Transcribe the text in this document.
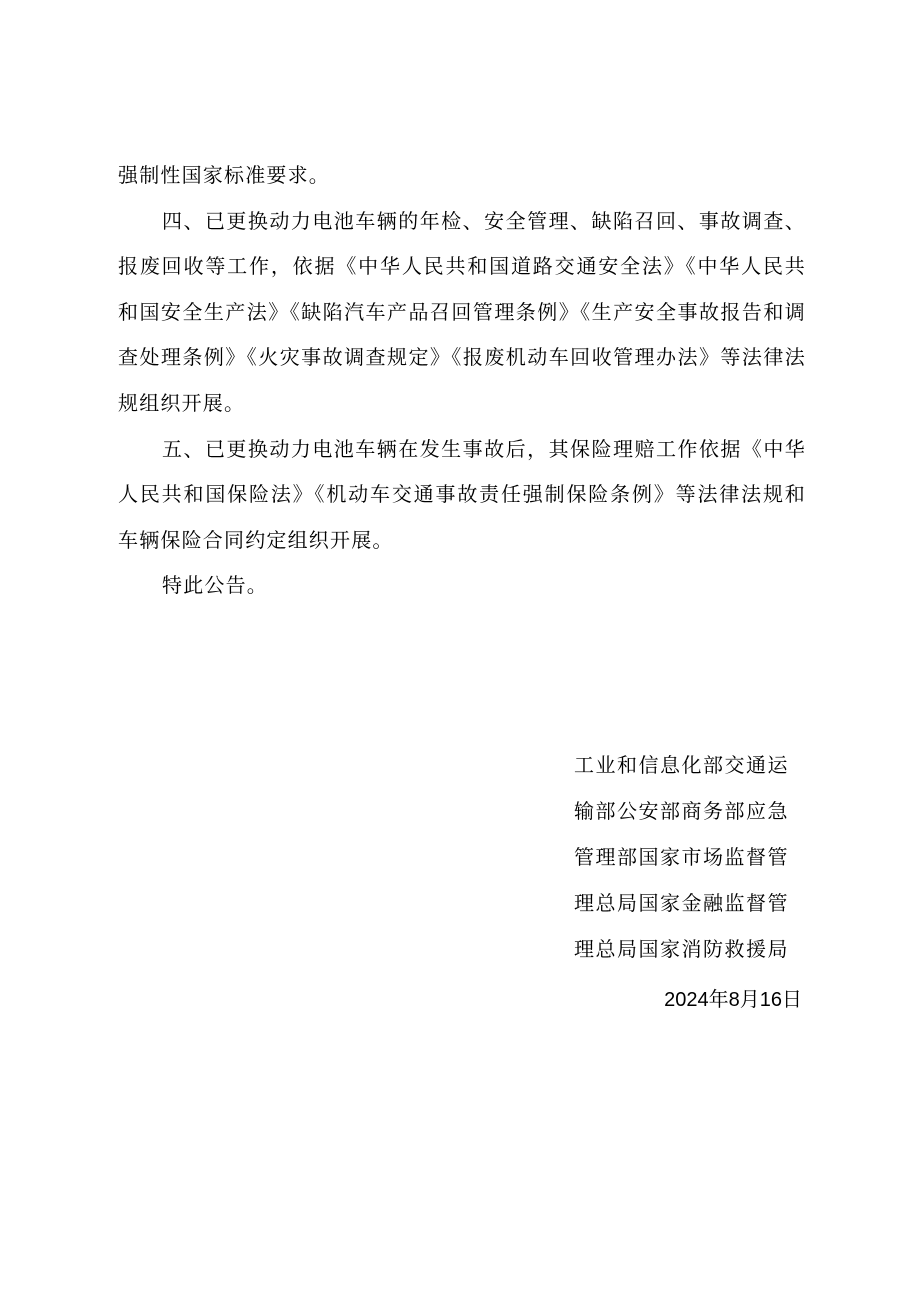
强制性国家标准要求。

四、已更换动力电池车辆的年检、安全管理、缺陷召回、事故调查、报废回收等工作，依据《中华人民共和国道路交通安全法》《中华人民共和国安全生产法》《缺陷汽车产品召回管理条例》《生产安全事故报告和调查处理条例》《火灾事故调查规定》《报废机动车回收管理办法》等法律法规组织开展。

五、已更换动力电池车辆在发生事故后，其保险理赔工作依据《中华人民共和国保险法》《机动车交通事故责任强制保险条例》等法律法规和车辆保险合同约定组织开展。

特此公告。

工业和信息化部交通运
输部公安部商务部应急
管理部国家市场监督管
理总局国家金融监督管
理总局国家消防救援局
2024年8月16日
